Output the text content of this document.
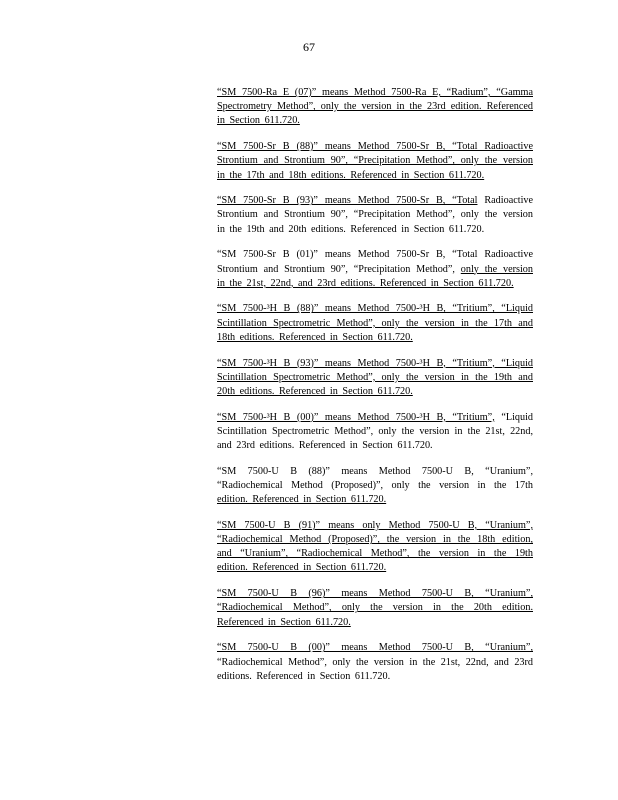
67

“SM 7500-Ra E (07)” means Method 7500-Ra E, “Radium”, “Gamma Spectrometry Method”, only the version in the 23rd edition. Referenced in Section 611.720.

“SM 7500-Sr B (88)” means Method 7500-Sr B, “Total Radioactive Strontium and Strontium 90”, “Precipitation Method”, only the version in the 17th and 18th editions. Referenced in Section 611.720.

“SM 7500-Sr B (93)” means Method 7500-Sr B, “Total Radioactive Strontium and Strontium 90”, “Precipitation Method”, only the version in the 19th and 20th editions. Referenced in Section 611.720.

“SM 7500-Sr B (01)” means Method 7500-Sr B, “Total Radioactive Strontium and Strontium 90”, “Precipitation Method”, only the version in the 21st, 22nd, and 23rd editions. Referenced in Section 611.720.

“SM 7500-³H B (88)” means Method 7500-³H B, “Tritium”, “Liquid Scintillation Spectrometric Method”, only the version in the 17th and 18th editions. Referenced in Section 611.720.

“SM 7500-³H B (93)” means Method 7500-³H B, “Tritium”, “Liquid Scintillation Spectrometric Method”, only the version in the 19th and 20th editions. Referenced in Section 611.720.

“SM 7500-³H B (00)” means Method 7500-³H B, “Tritium”, “Liquid Scintillation Spectrometric Method”, only the version in the 21st, 22nd, and 23rd editions. Referenced in Section 611.720.

“SM 7500-U B (88)” means Method 7500-U B, “Uranium”, “Radiochemical Method (Proposed)”, only the version in the 17th edition. Referenced in Section 611.720.

“SM 7500-U B (91)” means only Method 7500-U B, “Uranium”, “Radiochemical Method (Proposed)”, the version in the 18th edition, and “Uranium”, “Radiochemical Method”, the version in the 19th edition. Referenced in Section 611.720.

“SM 7500-U B (96)” means Method 7500-U B, “Uranium”, “Radiochemical Method”, only the version in the 20th edition. Referenced in Section 611.720.

“SM 7500-U B (00)” means Method 7500-U B, “Uranium”, “Radiochemical Method”, only the version in the 21st, 22nd, and 23rd editions. Referenced in Section 611.720.
